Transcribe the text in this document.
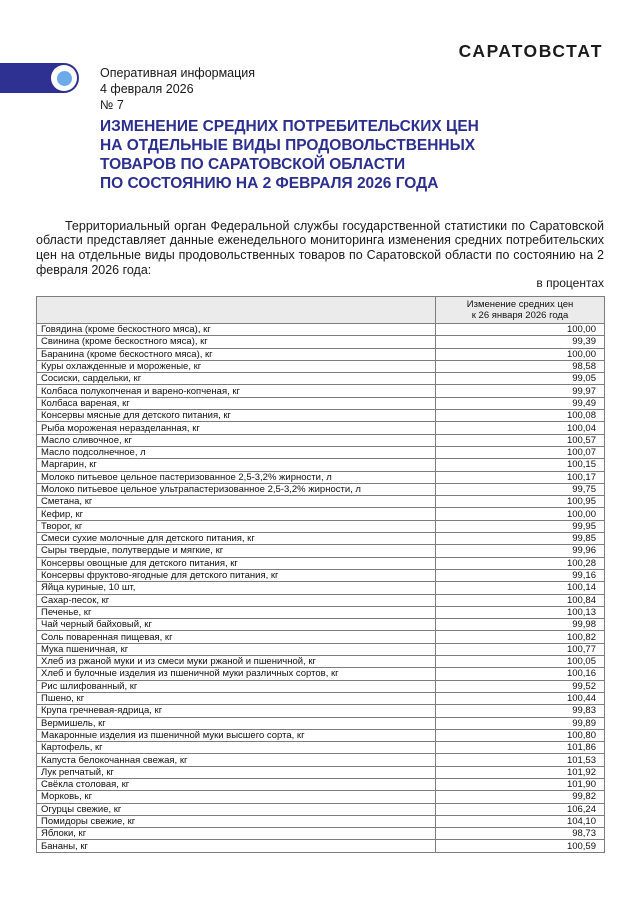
САРАТОВСТАТ
Оперативная информация
4 февраля 2026
№ 7
ИЗМЕНЕНИЕ СРЕДНИХ ПОТРЕБИТЕЛЬСКИХ ЦЕН
НА ОТДЕЛЬНЫЕ ВИДЫ ПРОДОВОЛЬСТВЕННЫХ
ТОВАРОВ ПО САРАТОВСКОЙ ОБЛАСТИ
ПО СОСТОЯНИЮ НА 2 ФЕВРАЛЯ 2026 ГОДА

Территориальный орган Федеральной службы государственной статистики по Саратовской области представляет данные еженедельного мониторинга изменения средних потребительских цен на отдельные виды продовольственных товаров по Саратовской области по состоянию на 2 февраля 2026 года:

в процентах

	Изменение средних цен
к 26 января 2026 года

Говядина (кроме бескостного мяса), кг	100,00
Свинина (кроме бескостного мяса), кг	99,39
Баранина (кроме бескостного мяса), кг	100,00
Куры охлажденные и мороженые, кг	98,58
Сосиски, сардельки, кг	99,05
Колбаса полукопченая и варено-копченая, кг	99,97
Колбаса вареная, кг	99,49
Консервы мясные для детского питания, кг	100,08
Рыба мороженая неразделанная, кг	100,04
Масло сливочное, кг	100,57
Масло подсолнечное, л	100,07
Маргарин, кг	100,15
Молоко питьевое цельное пастеризованное 2,5-3,2% жирности, л	100,17
Молоко питьевое цельное ультрапастеризованное 2,5-3,2% жирности, л	99,75
Сметана, кг	100,95
Кефир, кг	100,00
Творог, кг	99,95
Смеси сухие молочные для детского питания, кг	99,85
Сыры твердые, полутвердые и мягкие, кг	99,96
Консервы овощные для детского питания, кг	100,28
Консервы фруктово-ягодные для детского питания, кг	99,16
Яйца куриные, 10 шт,	100,14
Сахар-песок, кг	100,84
Печенье, кг	100,13
Чай черный байховый, кг	99,98
Соль поваренная пищевая, кг	100,82
Мука пшеничная, кг	100,77
Хлеб из ржаной муки и из смеси муки ржаной и пшеничной, кг	100,05
Хлеб и булочные изделия из пшеничной муки различных сортов, кг	100,16
Рис шлифованный, кг	99,52
Пшено, кг	100,44
Крупа гречневая-ядрица, кг	99,83
Вермишель, кг	99,89
Макаронные изделия из пшеничной муки высшего сорта, кг	100,80
Картофель, кг	101,86
Капуста белокочанная свежая, кг	101,53
Лук репчатый, кг	101,92
Свёкла столовая, кг	101,90
Морковь, кг	99,82
Огурцы свежие, кг	106,24
Помидоры свежие, кг	104,10
Яблоки, кг	98,73
Бананы, кг	100,59
